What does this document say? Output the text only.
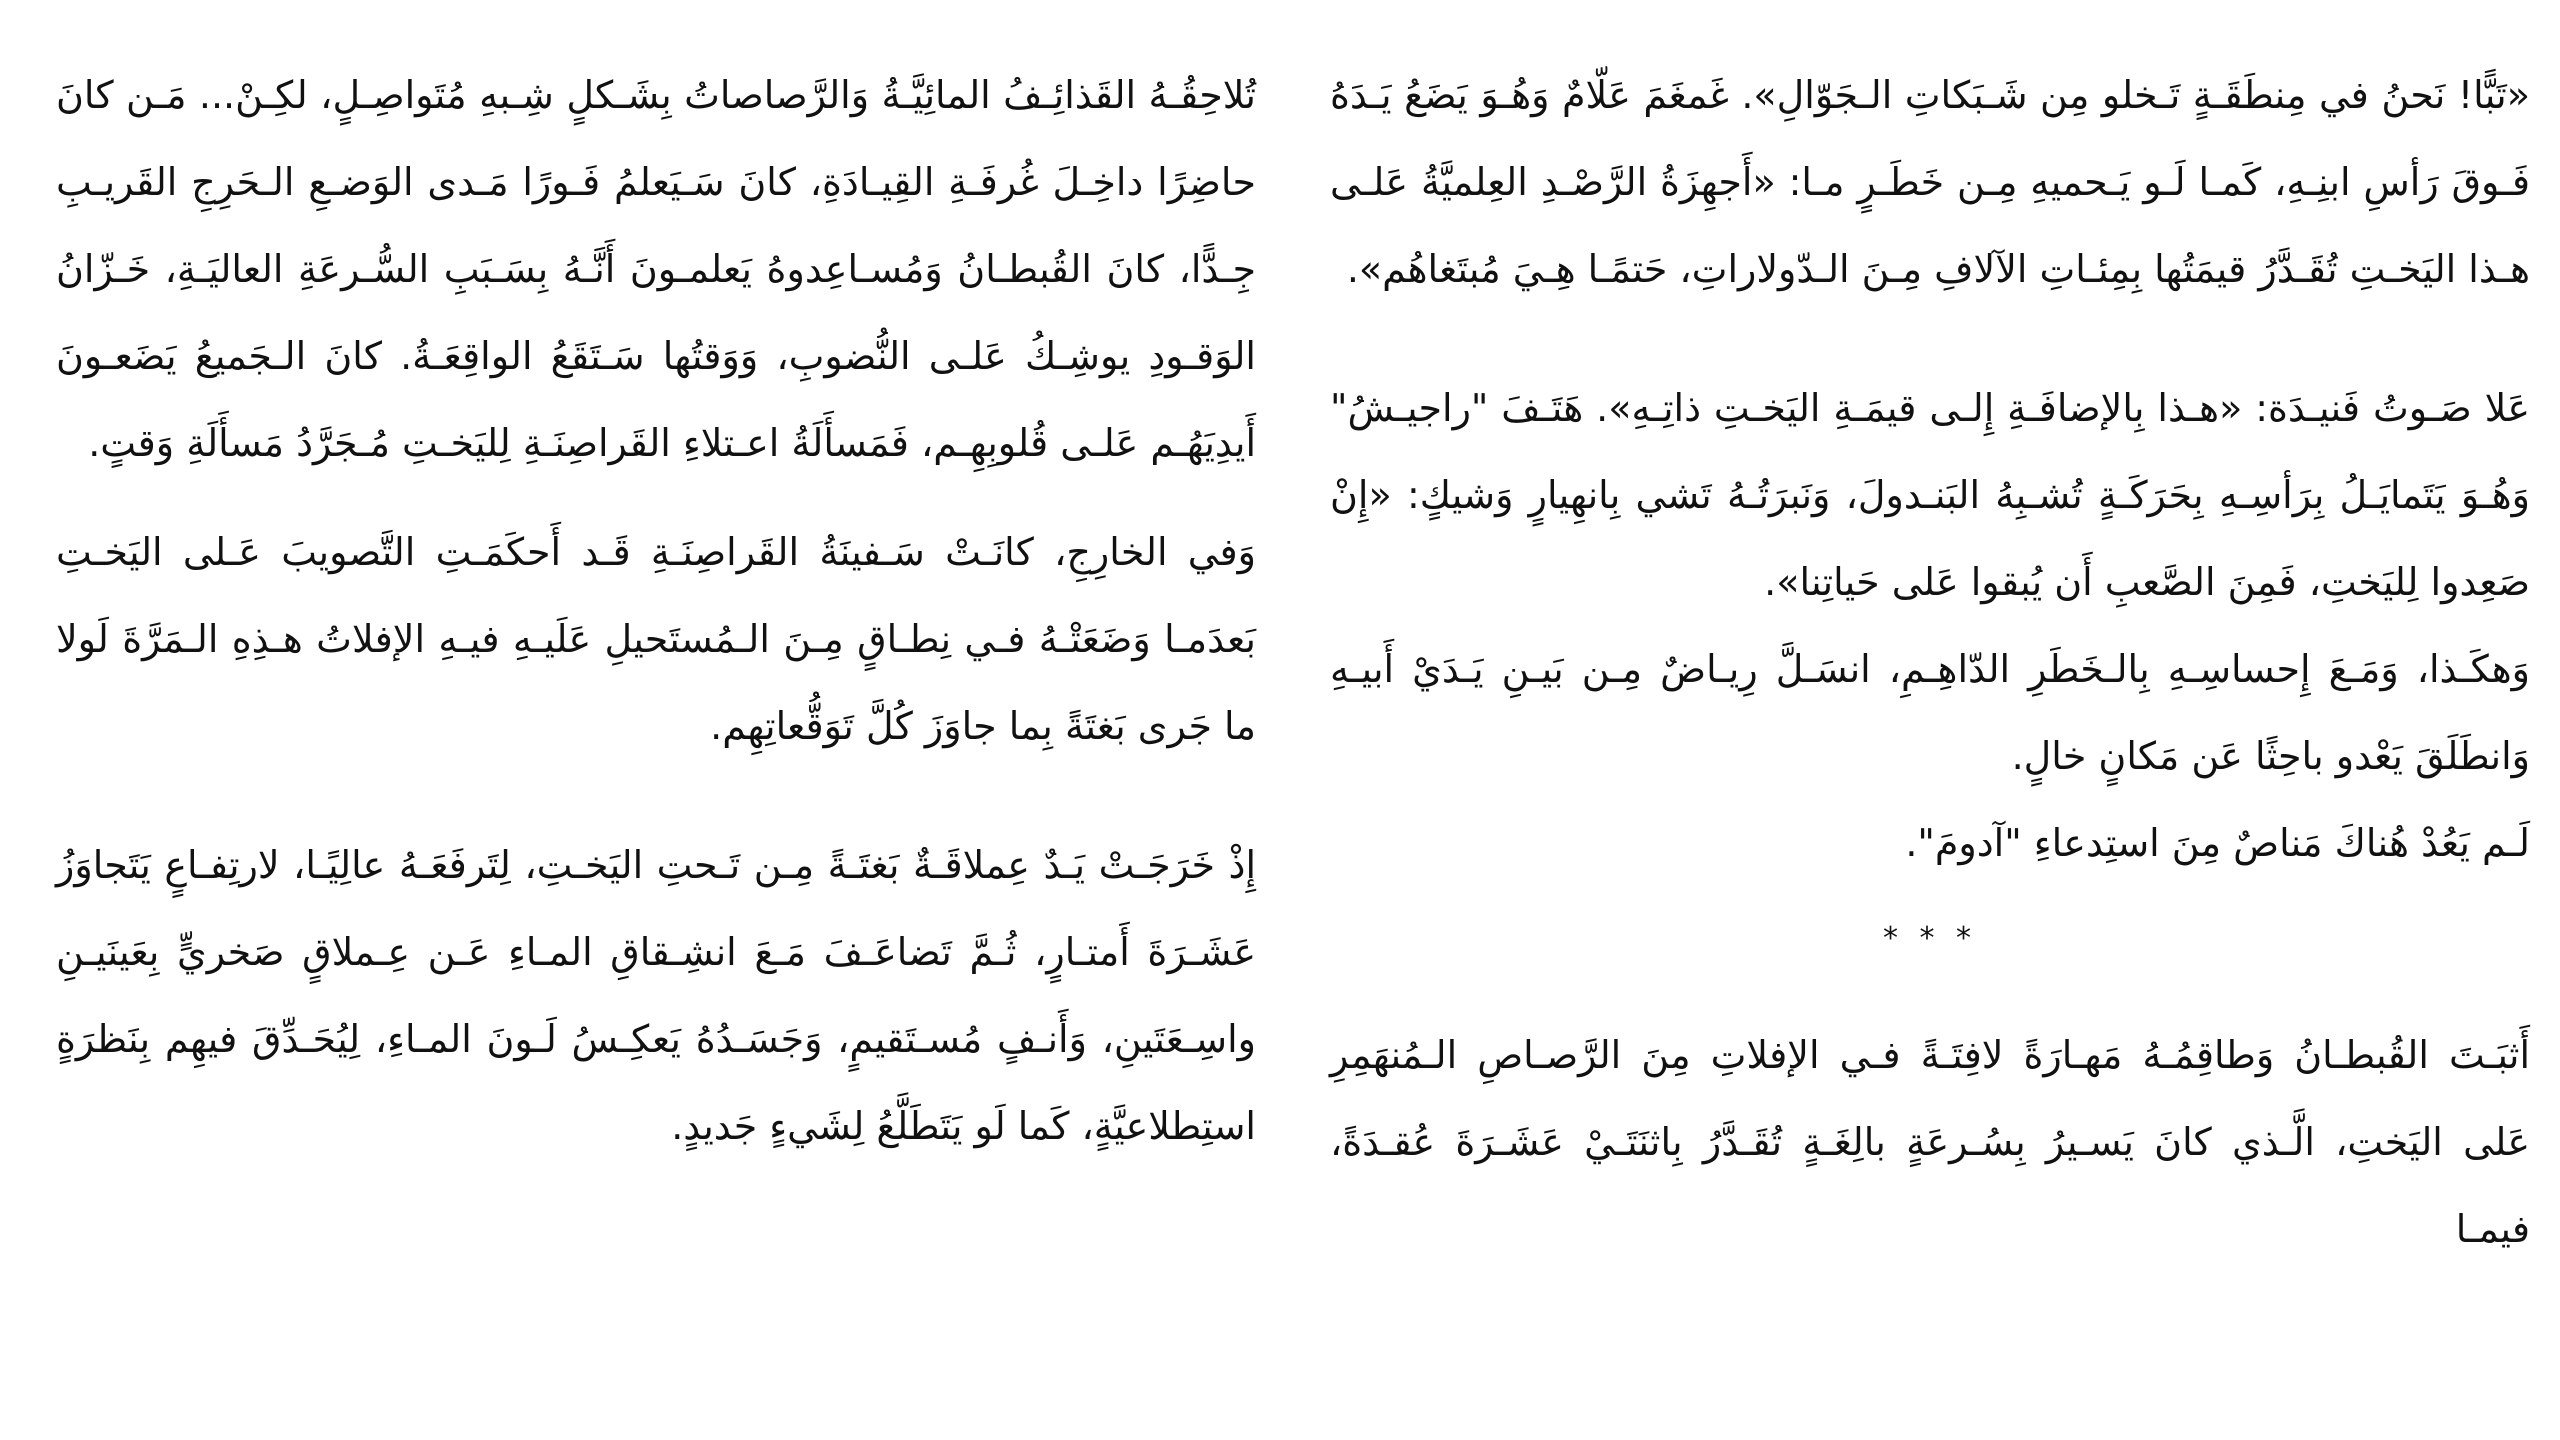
تُلاحِقُـهُ القَذائِـفُ المائِيَّـةُ وَالرَّصاصاتُ بِشَـكلٍ شِـبهِ مُتَواصِـلٍ، لكِـنْ... مَـن كانَ حاضِرًا داخِـلَ غُرفَـةِ القِيـادَةِ، كانَ سَـيَعلمُ فَـورًا مَـدى الوَضـعِ الـحَرِجِ القَريـبِ جِـدًّا، كانَ القُبطـانُ وَمُسـاعِدوهُ يَعلمـونَ أَنَّـهُ بِسَـبَبِ السُّـرعَةِ العاليَـةِ، خَـزّانُ الوَقـودِ يوشِـكُ عَلـى النُّضوبِ، وَوَقتُها سَـتَقَعُ الواقِعَـةُ. كانَ الـجَميعُ يَضَعـونَ أَيدِيَهُـم عَلـى قُلوبِهِـم، فَمَسأَلَةُ اعـتلاءِ القَراصِنَـةِ لِليَخـتِ مُـجَرَّدُ مَسأَلَةِ وَقتٍ.

وَفي الخارِجِ، كانَـتْ سَـفينَةُ القَراصِنَـةِ قَـد أَحكَمَـتِ التَّصويبَ عَـلى اليَخـتِ بَعدَمـا وَضَعَتْـهُ فـي نِطـاقٍ مِـنَ الـمُستَحيلِ عَلَيـهِ فيـهِ الإفلاتُ هـذِهِ الـمَرَّةَ لَولا ما جَرى بَغتَةً بِما جاوَزَ كُلَّ تَوَقُّعاتِهِم.

إِذْ خَرَجَـتْ يَـدٌ عِملاقَـةٌ بَغتَـةً مِـن تَـحتِ اليَخـتِ، لِتَرفَعَـهُ عالِيًـا، لارتِفـاعٍ يَتَجاوَزُ عَشَـرَةَ أَمتـارٍ، ثُـمَّ تَضاعَـفَ مَـعَ انشِـقاقِ المـاءِ عَـن عِـملاقٍ صَخريٍّ بِعَينَيـنِ واسِـعَتَينِ، وَأَنـفٍ مُسـتَقيمٍ، وَجَسَـدُهُ يَعكِـسُ لَـونَ المـاءِ، لِيُحَـدِّقَ فيهِم بِنَظرَةٍ استِطلاعيَّةٍ، كَما لَو يَتَطَلَّعُ لِشَيءٍ جَديدٍ.

«تَبًّا! نَحنُ في مِنطَقَـةٍ تَـخلو مِن شَـبَكاتِ الـجَوّالِ». غَمغَمَ عَلّامٌ وَهُـوَ يَضَعُ يَـدَهُ فَـوقَ رَأسِ ابنِـهِ، كَمـا لَـو يَـحميهِ مِـن خَطَـرٍ مـا: «أَجهِزَةُ الرَّصْـدِ العِلميَّةُ عَلـى هـذا اليَخـتِ تُقَـدَّرُ قيمَتُها بِمِئـاتِ الآلافِ مِـنَ الـدّولاراتِ، حَتمًـا هِـيَ مُبتَغاهُم».

عَلا صَـوتُ فَنيـدَة: «هـذا بِالإضافَـةِ إِلـى قيمَـةِ اليَخـتِ ذاتِـهِ». هَتَـفَ "راجيـشُ" وَهُـوَ يَتَمايَـلُ بِرَأسِـهِ بِحَرَكَـةٍ تُشـبِهُ البَنـدولَ، وَنَبرَتُـهُ تَشي بِانهِيارٍ وَشيكٍ: «إِنْ صَعِدوا لِليَختِ، فَمِنَ الصَّعبِ أَن يُبقوا عَلى حَياتِنا».

وَهكَـذا، وَمَـعَ إِحساسِـهِ بِالـخَطَرِ الدّاهِـمِ، انسَـلَّ رِيـاضٌ مِـن بَيـنِ يَـدَيْ أَبيـهِ وَانطَلَقَ يَعْدو باحِثًا عَن مَكانٍ خالٍ.

لَـم يَعُدْ هُناكَ مَناصٌ مِنَ استِدعاءِ "آدومَ".

* * *

أَثبَـتَ القُبطـانُ وَطاقِمُـهُ مَهـارَةً لافِتَـةً فـي الإفلاتِ مِنَ الرَّصـاصِ الـمُنهَمِرِ عَلى اليَختِ، الَّـذي كانَ يَسـيرُ بِسُـرعَةٍ بالِغَـةٍ تُقَـدَّرُ بِاثنَتَـيْ عَشَـرَةَ عُقـدَةً، فيمـا
